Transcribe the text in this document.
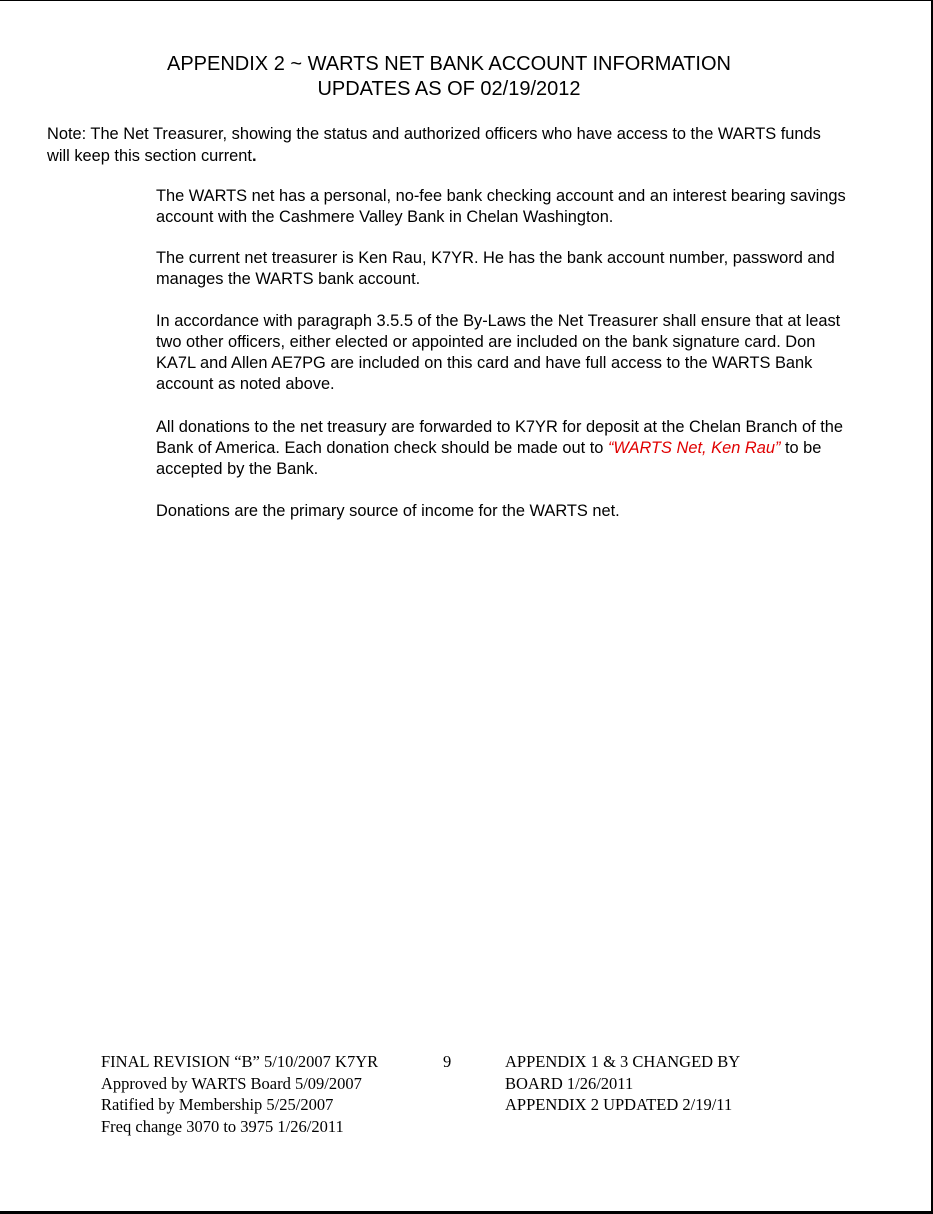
APPENDIX 2 ~ WARTS NET BANK ACCOUNT INFORMATION
UPDATES AS OF 02/19/2012
Note: The Net Treasurer, showing the status and authorized officers who have access to the WARTS funds will keep this section current.
The WARTS net has a personal, no-fee bank checking account and an interest bearing savings account with the Cashmere Valley Bank in Chelan Washington.
The current net treasurer is Ken Rau, K7YR. He has the bank account number, password and manages the WARTS bank account.
In accordance with paragraph 3.5.5 of the By-Laws the Net Treasurer shall ensure that at least two other officers, either elected or appointed are included on the bank signature card. Don KA7L and Allen AE7PG are included on this card and have full access to the WARTS Bank account as noted above.
All donations to the net treasury are forwarded to K7YR for deposit at the Chelan Branch of the Bank of America. Each donation check should be made out to “WARTS Net, Ken Rau” to be accepted by the Bank.
Donations are the primary source of income for the WARTS net.
FINAL REVISION “B” 5/10/2007 K7YR
Approved by WARTS Board 5/09/2007
Ratified by Membership 5/25/2007
Freq change 3070 to 3975 1/26/2011
9	APPENDIX 1 & 3 CHANGED BY
BOARD 1/26/2011
APPENDIX 2 UPDATED 2/19/11
